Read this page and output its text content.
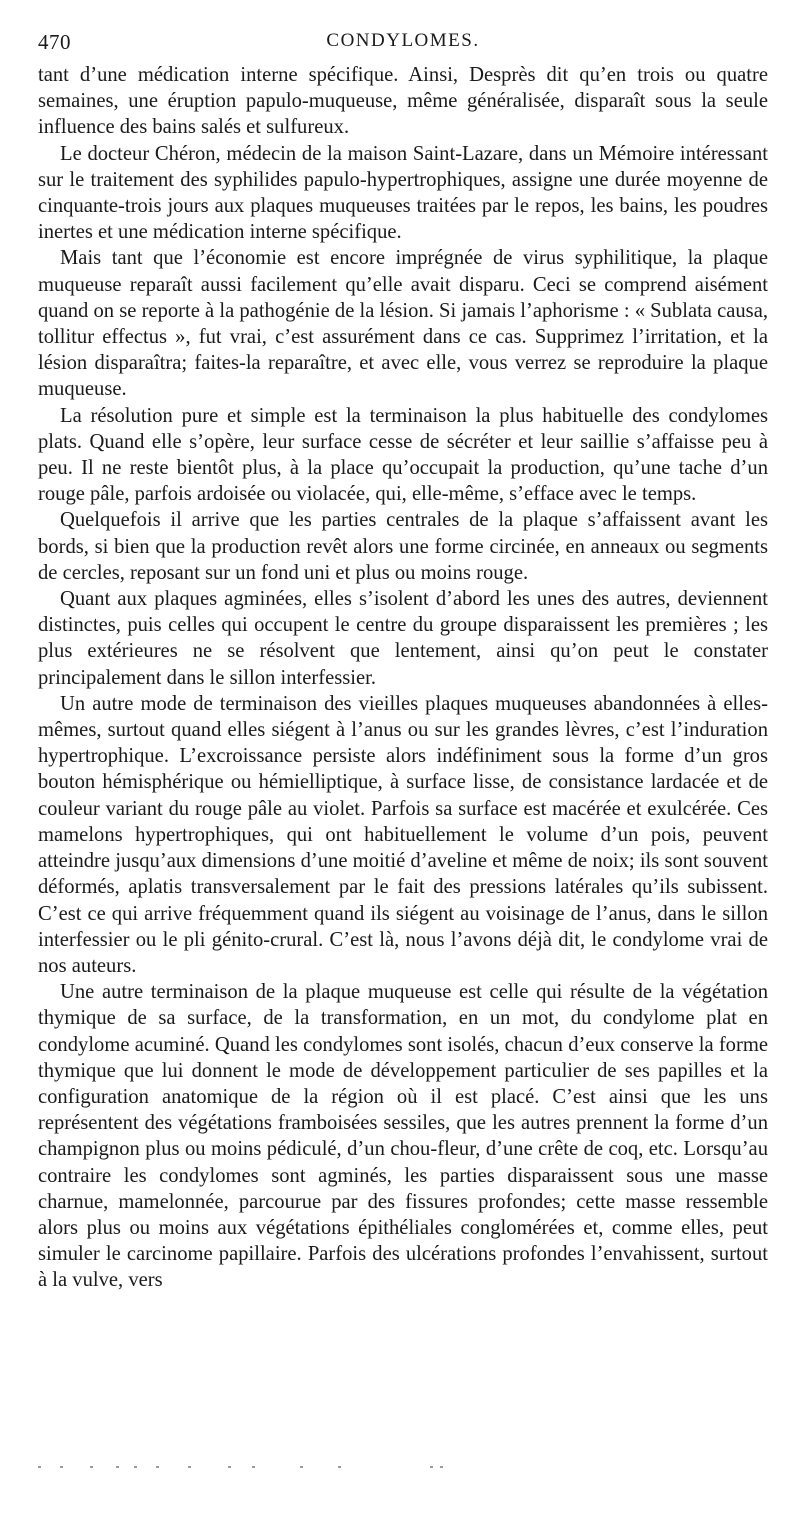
470	CONDYLOMES.

tant d’une médication interne spécifique. Ainsi, Desprès dit qu’en trois ou quatre semaines, une éruption papulo-muqueuse, même généralisée, disparaît sous la seule influence des bains salés et sulfureux.

Le docteur Chéron, médecin de la maison Saint-Lazare, dans un Mémoire intéressant sur le traitement des syphilides papulo-hypertrophiques, assigne une durée moyenne de cinquante-trois jours aux plaques muqueuses traitées par le repos, les bains, les poudres inertes et une médication interne spécifique.

Mais tant que l’économie est encore imprégnée de virus syphilitique, la plaque muqueuse reparaît aussi facilement qu’elle avait disparu. Ceci se comprend aisément quand on se reporte à la pathogénie de la lésion. Si jamais l’aphorisme : « Sublata causa, tollitur effectus », fut vrai, c’est assurément dans ce cas. Supprimez l’irritation, et la lésion disparaîtra; faites-la reparaître, et avec elle, vous verrez se reproduire la plaque muqueuse.

La résolution pure et simple est la terminaison la plus habituelle des condylomes plats. Quand elle s’opère, leur surface cesse de sécréter et leur saillie s’affaisse peu à peu. Il ne reste bientôt plus, à la place qu’occupait la production, qu’une tache d’un rouge pâle, parfois ardoisée ou violacée, qui, elle-même, s’efface avec le temps.

Quelquefois il arrive que les parties centrales de la plaque s’affaissent avant les bords, si bien que la production revêt alors une forme circinée, en anneaux ou segments de cercles, reposant sur un fond uni et plus ou moins rouge.

Quant aux plaques agminées, elles s’isolent d’abord les unes des autres, deviennent distinctes, puis celles qui occupent le centre du groupe disparaissent les premières ; les plus extérieures ne se résolvent que lentement, ainsi qu’on peut le constater principalement dans le sillon interfessier.

Un autre mode de terminaison des vieilles plaques muqueuses abandonnées à elles-mêmes, surtout quand elles siégent à l’anus ou sur les grandes lèvres, c’est l’induration hypertrophique. L’excroissance persiste alors indéfiniment sous la forme d’un gros bouton hémisphérique ou hémielliptique, à surface lisse, de consistance lardacée et de couleur variant du rouge pâle au violet. Parfois sa surface est macérée et exulcérée. Ces mamelons hypertrophiques, qui ont habituellement le volume d’un pois, peuvent atteindre jusqu’aux dimensions d’une moitié d’aveline et même de noix; ils sont souvent déformés, aplatis transversalement par le fait des pressions latérales qu’ils subissent. C’est ce qui arrive fréquemment quand ils siégent au voisinage de l’anus, dans le sillon interfessier ou le pli génito-crural. C’est là, nous l’avons déjà dit, le condylome vrai de nos auteurs.

Une autre terminaison de la plaque muqueuse est celle qui résulte de la végétation thymique de sa surface, de la transformation, en un mot, du condylome plat en condylome acuminé. Quand les condylomes sont isolés, chacun d’eux conserve la forme thymique que lui donnent le mode de développement particulier de ses papilles et la configuration anatomique de la région où il est placé. C’est ainsi que les uns représentent des végétations framboisées sessiles, que les autres prennent la forme d’un champignon plus ou moins pédiculé, d’un chou-fleur, d’une crête de coq, etc. Lorsqu’au contraire les condylomes sont agminés, les parties disparaissent sous une masse charnue, mamelonnée, parcourue par des fissures profondes; cette masse ressemble alors plus ou moins aux végétations épithéliales conglomérées et, comme elles, peut simuler le carcinome papillaire. Parfois des ulcérations profondes l’envahissent, surtout à la vulve, vers
